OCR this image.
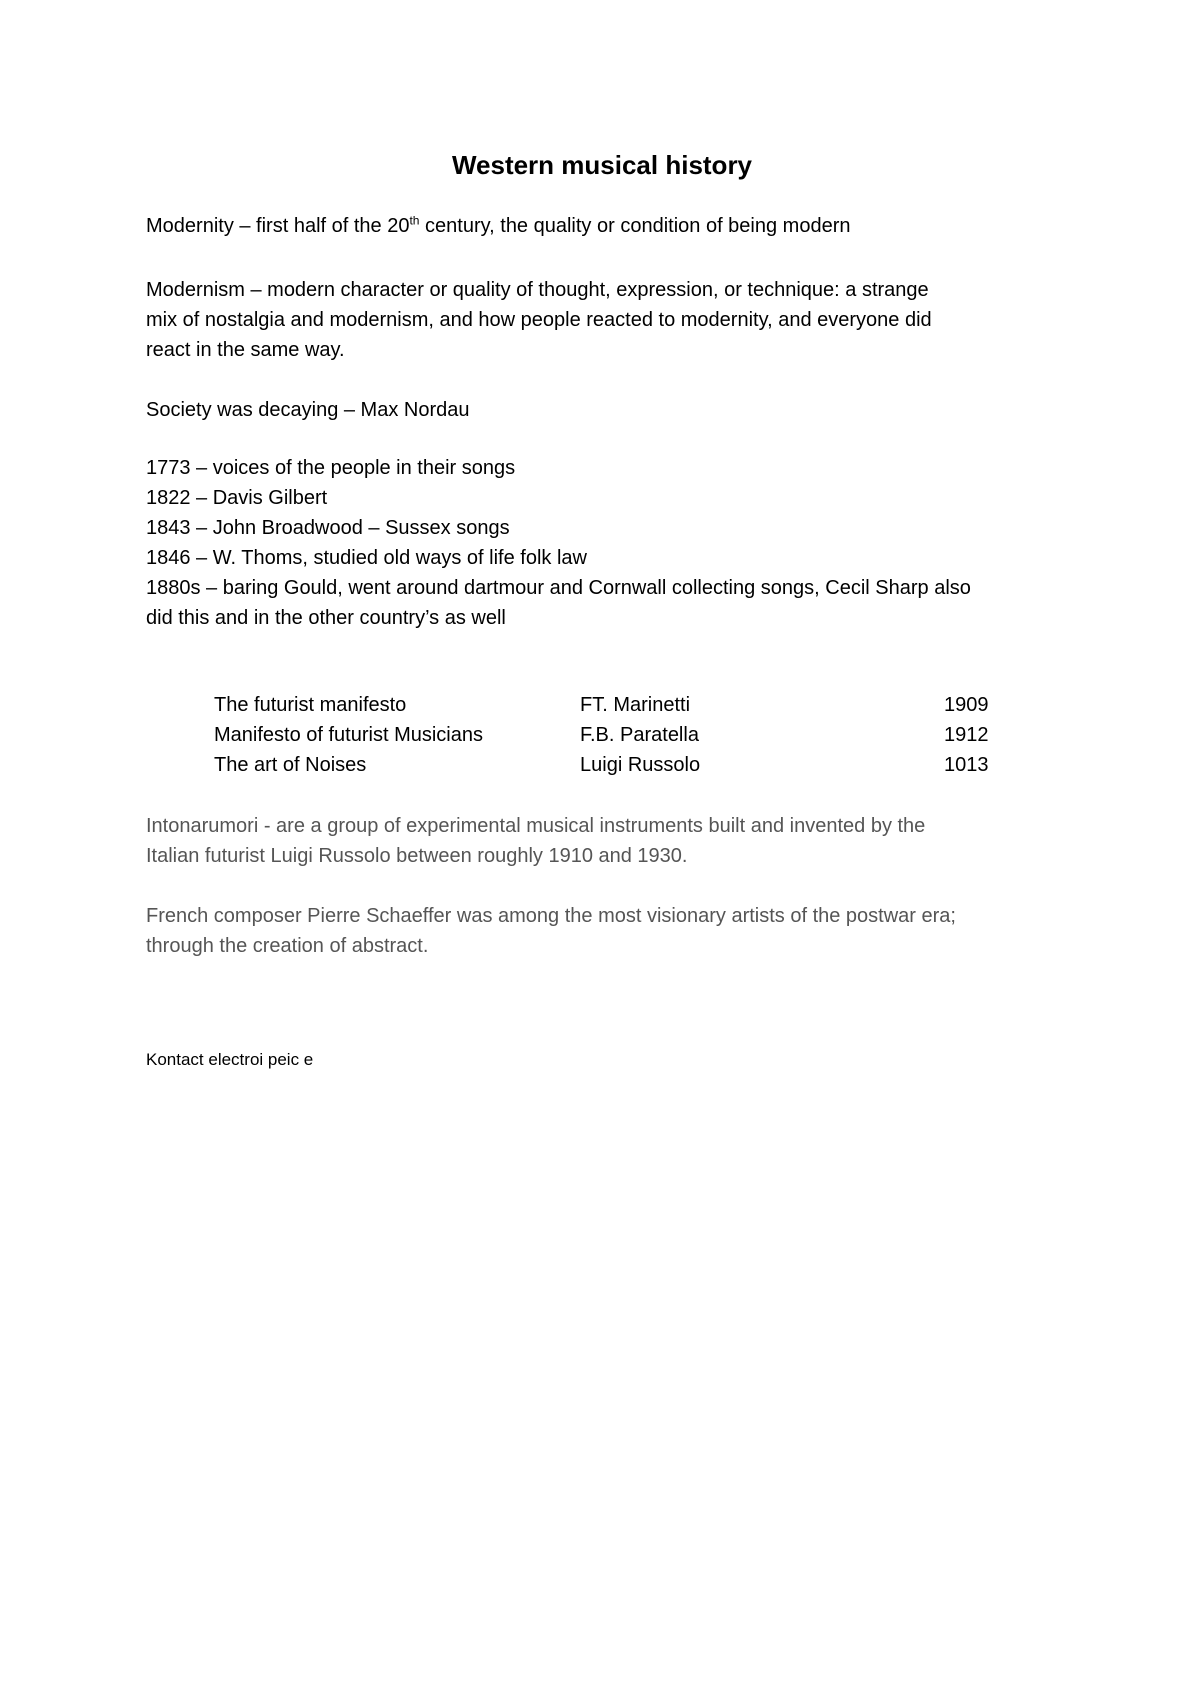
Western musical history
Modernity – first half of the 20th century, the quality or condition of being modern
Modernism – modern character or quality of thought, expression, or technique: a strange
mix of nostalgia and modernism, and how people reacted to modernity, and everyone did
react in the same way.
Society was decaying – Max Nordau
1773 – voices of the people in their songs
1822 – Davis Gilbert
1843 – John Broadwood – Sussex songs
1846 – W. Thoms, studied old ways of life folk law
1880s – baring Gould, went around dartmour and Cornwall collecting songs, Cecil Sharp also
did this and in the other country’s as well
The futurist manifesto	FT. Marinetti	1909
Manifesto of futurist Musicians	F.B. Paratella	1912
The art of Noises	Luigi Russolo	1013
Intonarumori - are a group of experimental musical instruments built and invented by the
Italian futurist Luigi Russolo between roughly 1910 and 1930.
French composer Pierre Schaeffer was among the most visionary artists of the postwar era;
through the creation of abstract.
Kontact electroi peic e
